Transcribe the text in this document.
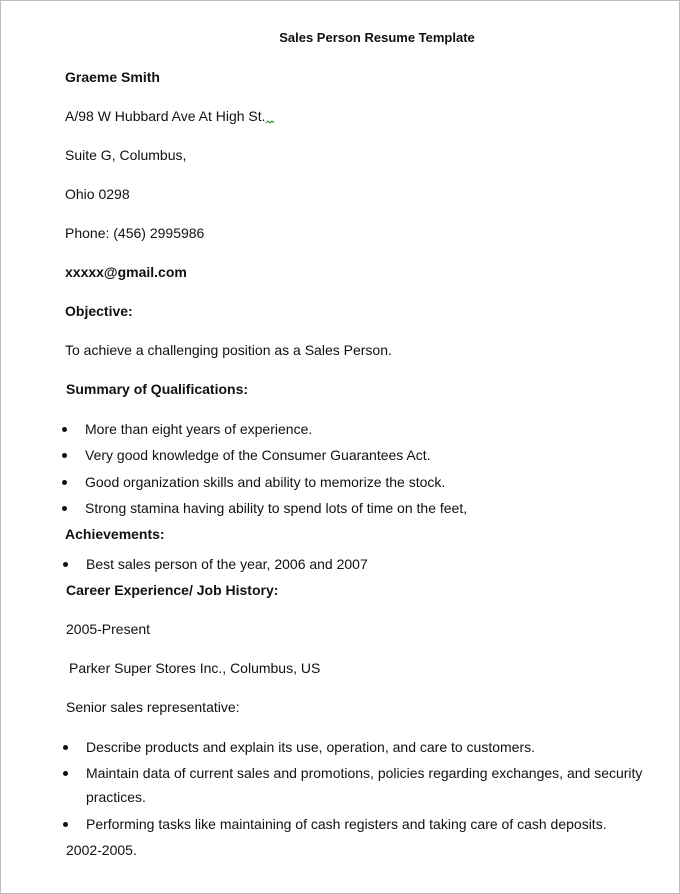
Sales Person Resume Template
Graeme Smith
A/98 W Hubbard Ave At High St.
Suite G, Columbus,
Ohio 0298
Phone: (456) 2995986
xxxxx@gmail.com
Objective:
To achieve a challenging position as a Sales Person.
Summary of Qualifications:
More than eight years of experience.
Very good knowledge of the Consumer Guarantees Act.
Good organization skills and ability to memorize the stock.
Strong stamina having ability to spend lots of time on the feet,
Achievements:
Best sales person of the year, 2006 and 2007
Career Experience/ Job History:
2005-Present
Parker Super Stores Inc., Columbus, US
Senior sales representative:
Describe products and explain its use, operation, and care to customers.
Maintain data of current sales and promotions, policies regarding exchanges, and security
practices.
Performing tasks like maintaining of cash registers and taking care of cash deposits.
2002-2005.
